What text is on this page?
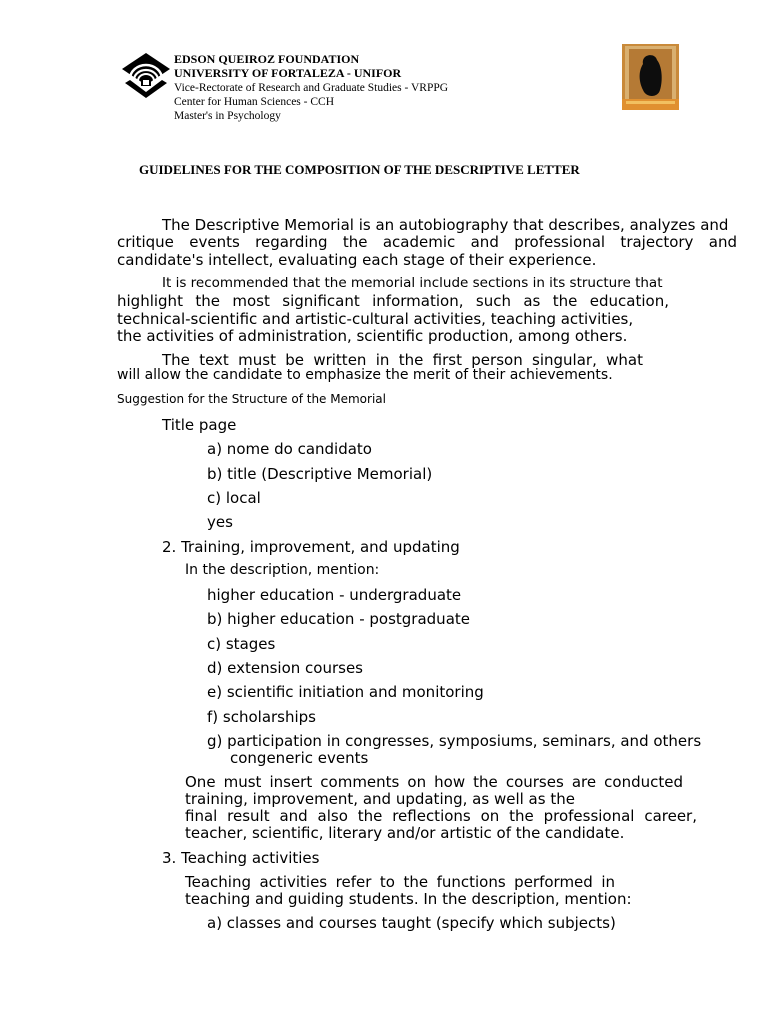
EDSON QUEIROZ FOUNDATION
UNIVERSITY OF FORTALEZA - UNIFOR
Vice-Rectorate of Research and Graduate Studies - VRPPG
Center for Human Sciences - CCH
Master's in Psychology
GUIDELINES FOR THE COMPOSITION OF THE DESCRIPTIVE LETTER
The Descriptive Memorial is an autobiography that describes, analyzes and
critique events regarding the academic and professional trajectory and
candidate's intellect, evaluating each stage of their experience.
It is recommended that the memorial include sections in its structure that
highlight the most significant information, such as the education,
technical-scientific and artistic-cultural activities, teaching activities,
the activities of administration, scientific production, among others.
The text must be written in the first person singular, what
will allow the candidate to emphasize the merit of their achievements.
Suggestion for the Structure of the Memorial
Title page
a) nome do candidato
b) title (Descriptive Memorial)
c) local
yes
2. Training, improvement, and updating
In the description, mention:
higher education - undergraduate
b) higher education - postgraduate
c) stages
d) extension courses
e) scientific initiation and monitoring
f) scholarships
g) participation in congresses, symposiums, seminars, and others
congeneric events
One must insert comments on how the courses are conducted
training, improvement, and updating, as well as the
final result and also the reflections on the professional career,
teacher, scientific, literary and/or artistic of the candidate.
3. Teaching activities
Teaching activities refer to the functions performed in
teaching and guiding students. In the description, mention:
a) classes and courses taught (specify which subjects)
